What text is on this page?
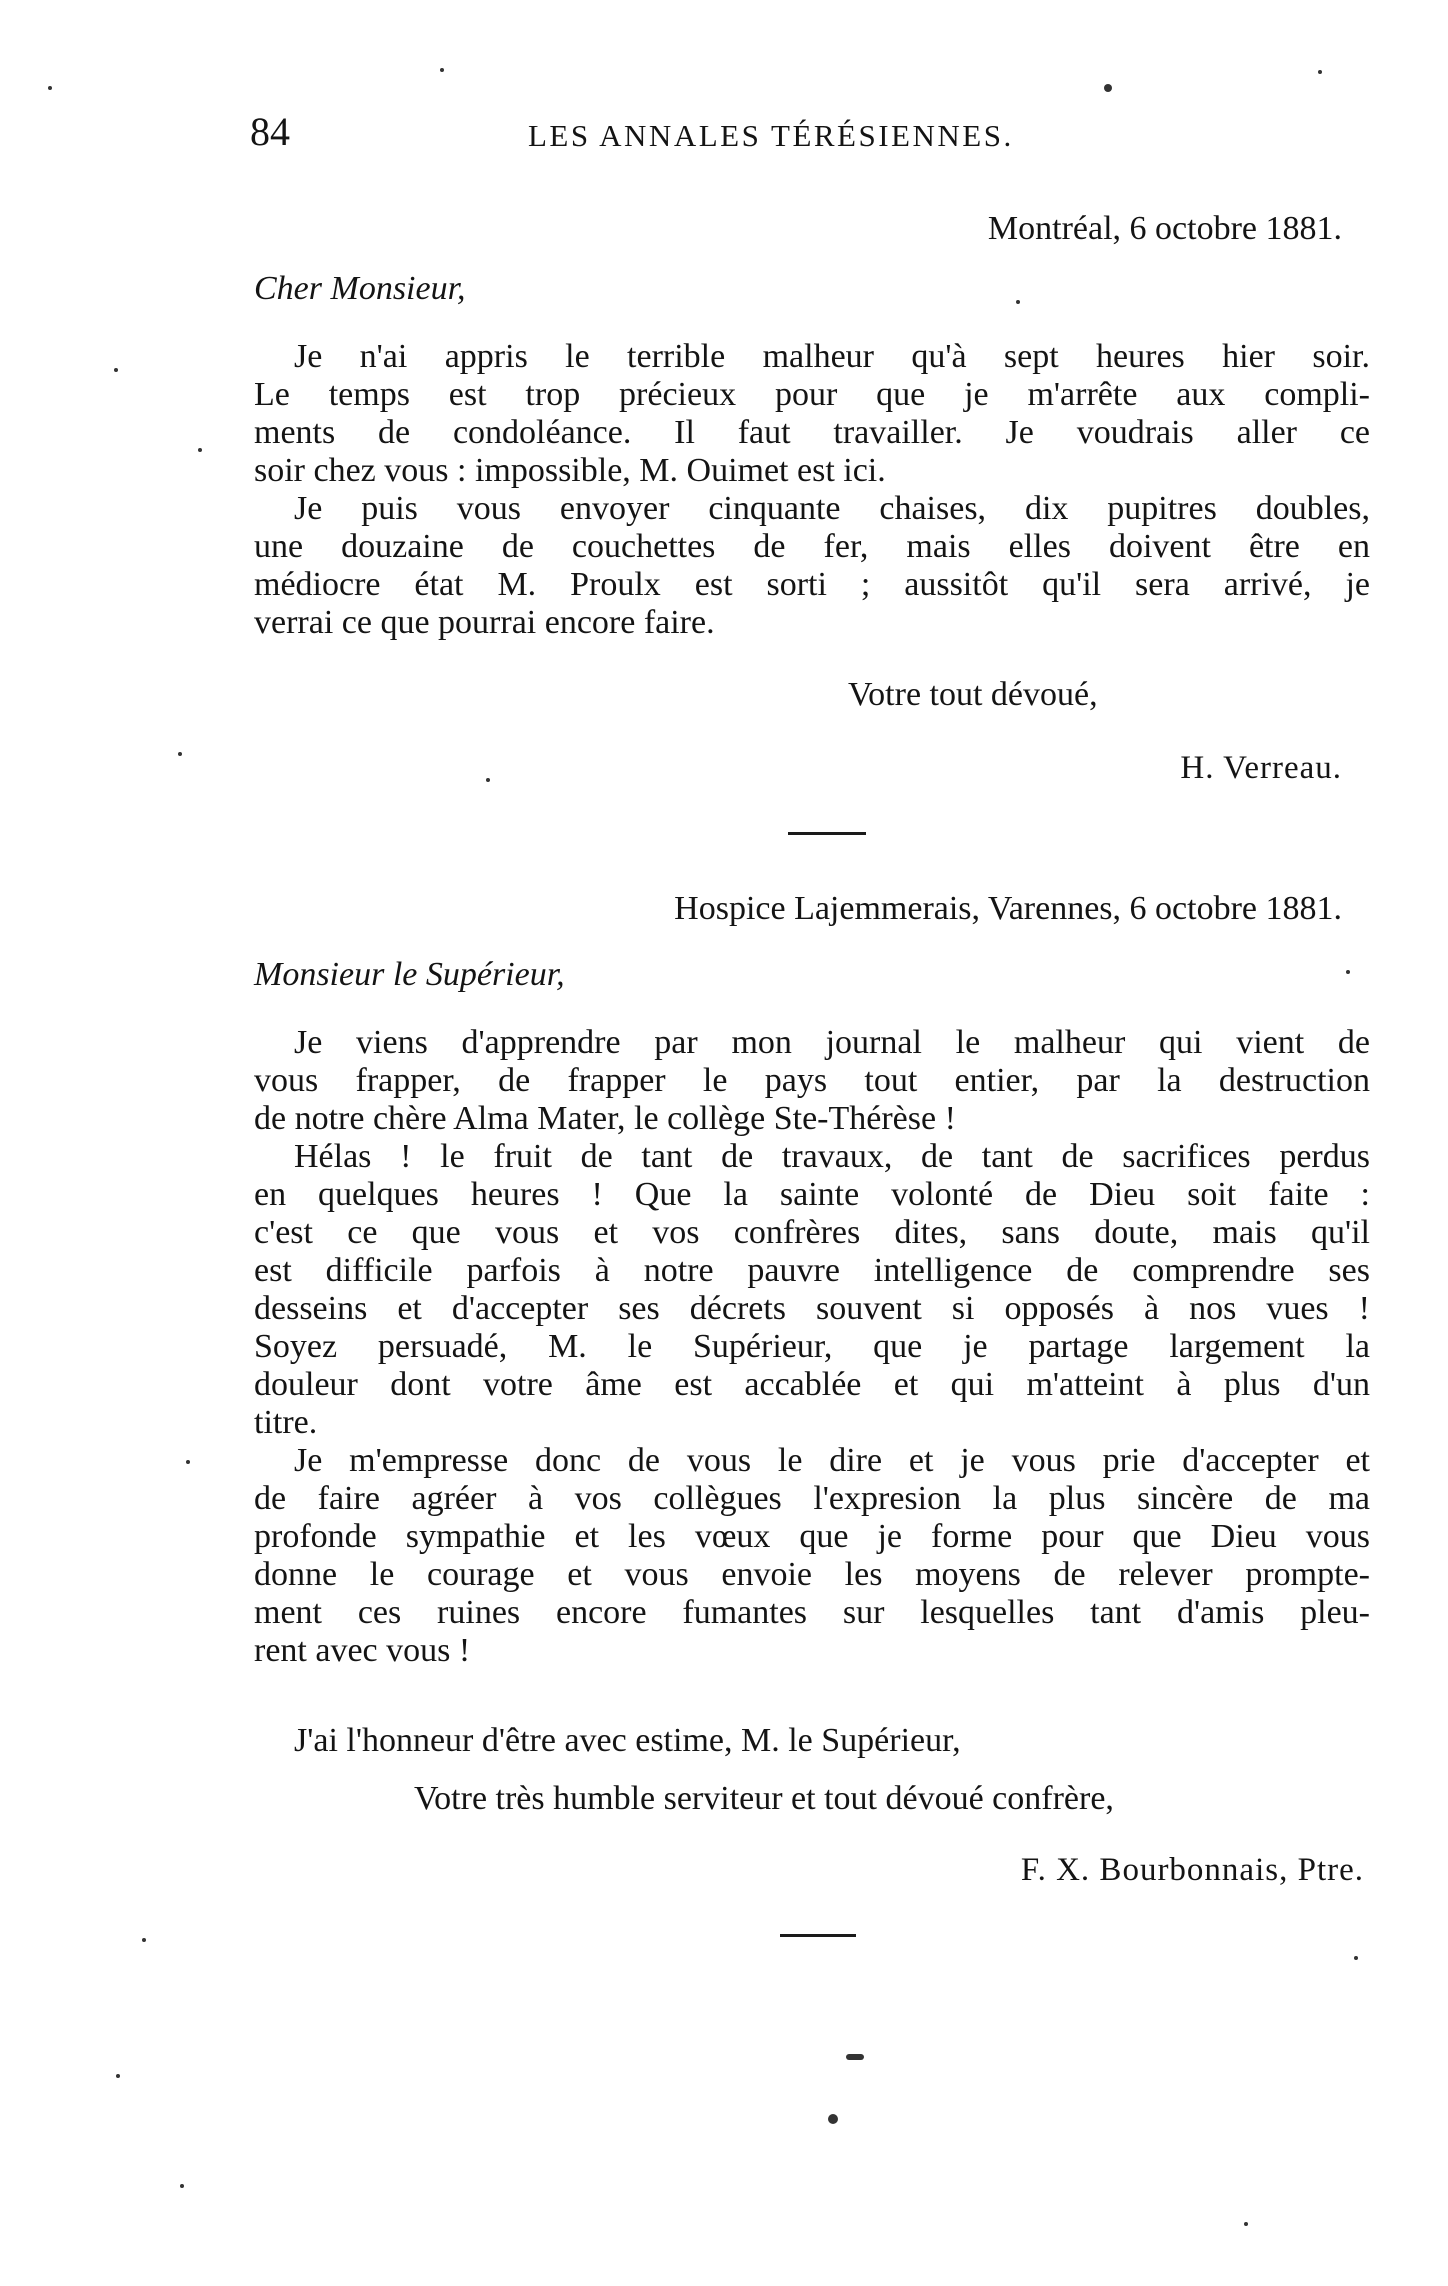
84	LES ANNALES TÉRÉSIENNES.
Montréal, 6 octobre 1881.
Cher Monsieur,
Je n'ai appris le terrible malheur qu'à sept heures hier soir.
Le temps est trop précieux pour que je m'arrête aux compli-
ments de condoléance. Il faut travailler. Je voudrais aller ce
soir chez vous : impossible, M. Ouimet est ici.
Je puis vous envoyer cinquante chaises, dix pupitres doubles,
une douzaine de couchettes de fer, mais elles doivent être en
médiocre état M. Proulx est sorti ; aussitôt qu'il sera arrivé, je
verrai ce que pourrai encore faire.
Votre tout dévoué,
H. Verreau.
Hospice Lajemmerais, Varennes, 6 octobre 1881.
Monsieur le Supérieur,
Je viens d'apprendre par mon journal le malheur qui vient de
vous frapper, de frapper le pays tout entier, par la destruction
de notre chère Alma Mater, le collège Ste-Thérèse !
Hélas ! le fruit de tant de travaux, de tant de sacrifices perdus
en quelques heures ! Que la sainte volonté de Dieu soit faite :
c'est ce que vous et vos confrères dites, sans doute, mais qu'il
est difficile parfois à notre pauvre intelligence de comprendre ses
desseins et d'accepter ses décrets souvent si opposés à nos vues !
Soyez persuadé, M. le Supérieur, que je partage largement la
douleur dont votre âme est accablée et qui m'atteint à plus d'un
titre.
Je m'empresse donc de vous le dire et je vous prie d'accepter et
de faire agréer à vos collègues l'expresion la plus sincère de ma
profonde sympathie et les vœux que je forme pour que Dieu vous
donne le courage et vous envoie les moyens de relever prompte-
ment ces ruines encore fumantes sur lesquelles tant d'amis pleu-
rent avec vous !
J'ai l'honneur d'être avec estime, M. le Supérieur,
Votre très humble serviteur et tout dévoué confrère,
F. X. Bourbonnais, Ptre.
